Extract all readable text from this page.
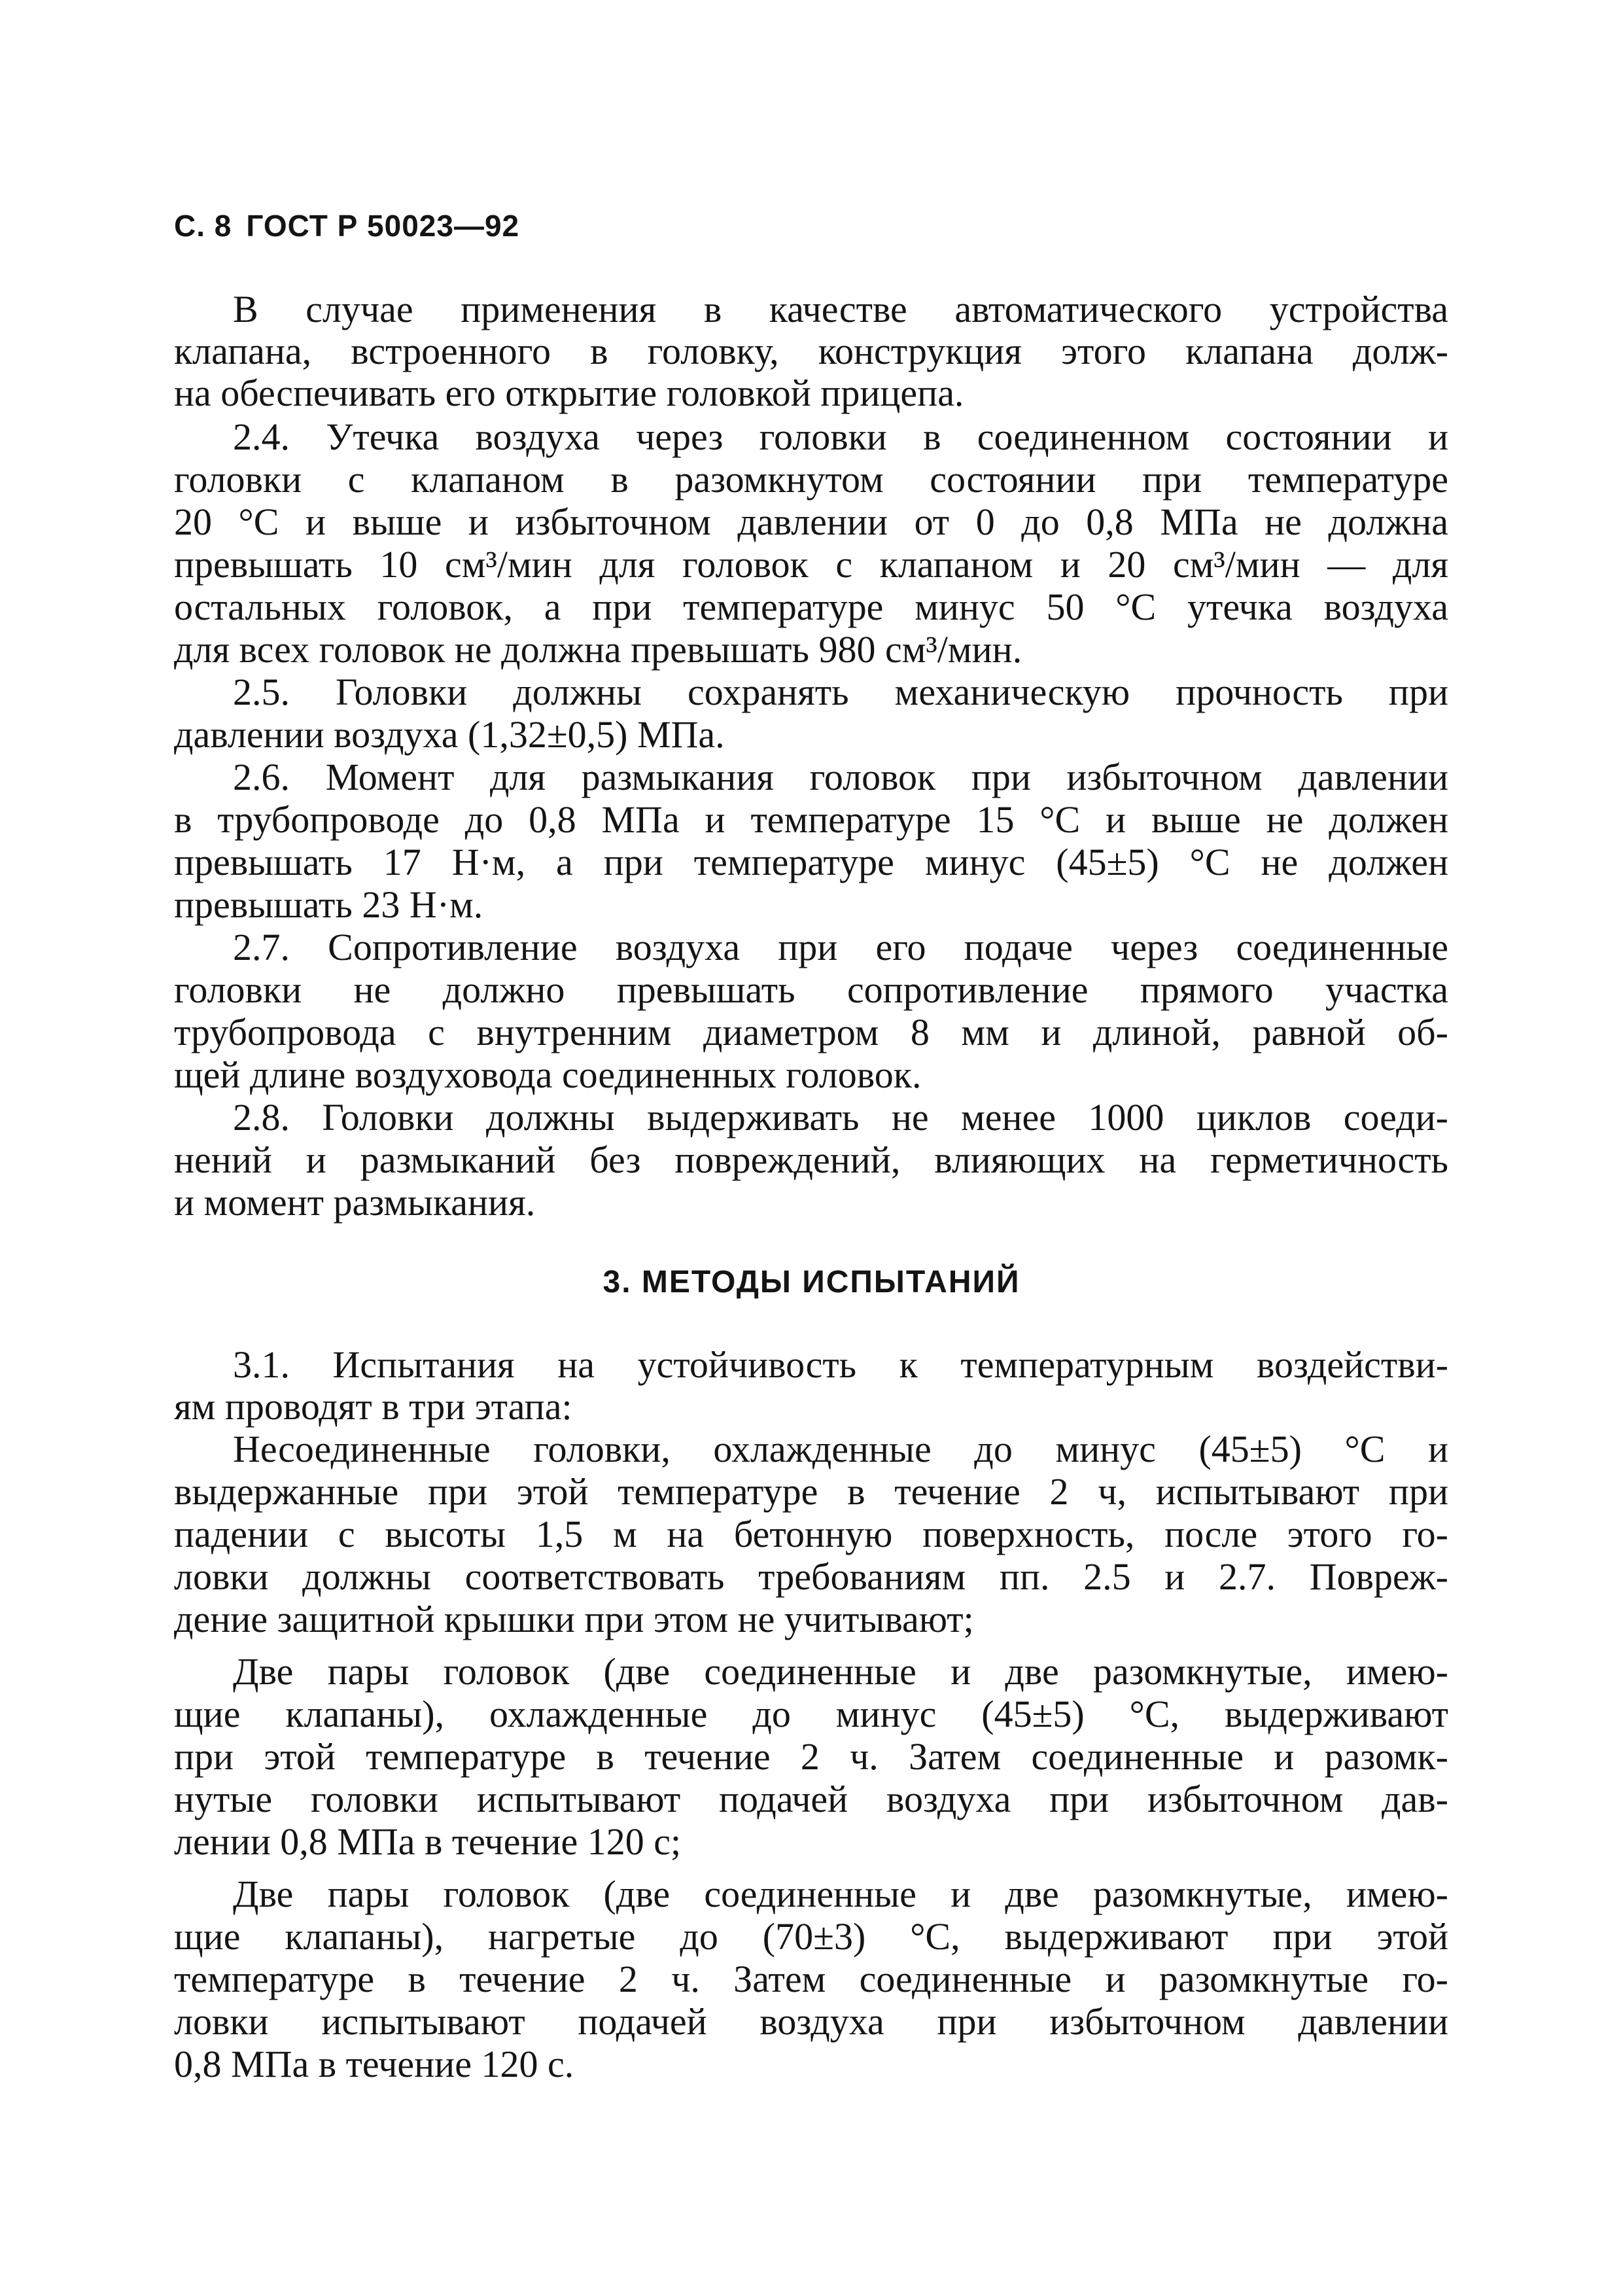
С. 8 ГОСТ Р 50023—92
В случае применения в качестве автоматического устройства
клапана, встроенного в головку, конструкция этого клапана долж-
на обеспечивать его открытие головкой прицепа.
2.4. Утечка воздуха через головки в соединенном состоянии и
головки с клапаном в разомкнутом состоянии при температуре
20 °С и выше и избыточном давлении от 0 до 0,8 МПа не должна
превышать 10 см³/мин для головок с клапаном и 20 см³/мин — для
остальных головок, а при температуре минус 50 °С утечка воздуха
для всех головок не должна превышать 980 см³/мин.
2.5. Головки должны сохранять механическую прочность при
давлении воздуха (1,32±0,5) МПа.
2.6. Момент для размыкания головок при избыточном давлении
в трубопроводе до 0,8 МПа и температуре 15 °С и выше не должен
превышать 17 Н·м, а при температуре минус (45±5) °С не должен
превышать 23 Н·м.
2.7. Сопротивление воздуха при его подаче через соединенные
головки не должно превышать сопротивление прямого участка
трубопровода с внутренним диаметром 8 мм и длиной, равной об-
щей длине воздуховода соединенных головок.
2.8. Головки должны выдерживать не менее 1000 циклов соеди-
нений и размыканий без повреждений, влияющих на герметичность
и момент размыкания.
3. МЕТОДЫ ИСПЫТАНИЙ
3.1. Испытания на устойчивость к температурным воздействи-
ям проводят в три этапа:
Несоединенные головки, охлажденные до минус (45±5) °С и
выдержанные при этой температуре в течение 2 ч, испытывают при
падении с высоты 1,5 м на бетонную поверхность, после этого го-
ловки должны соответствовать требованиям пп. 2.5 и 2.7. Повреж-
дение защитной крышки при этом не учитывают;
Две пары головок (две соединенные и две разомкнутые, имею-
щие клапаны), охлажденные до минус (45±5) °С, выдерживают
при этой температуре в течение 2 ч. Затем соединенные и разомк-
нутые головки испытывают подачей воздуха при избыточном дав-
лении 0,8 МПа в течение 120 с;
Две пары головок (две соединенные и две разомкнутые, имею-
щие клапаны), нагретые до (70±3) °С, выдерживают при этой
температуре в течение 2 ч. Затем соединенные и разомкнутые го-
ловки испытывают подачей воздуха при избыточном давлении
0,8 МПа в течение 120 с.
